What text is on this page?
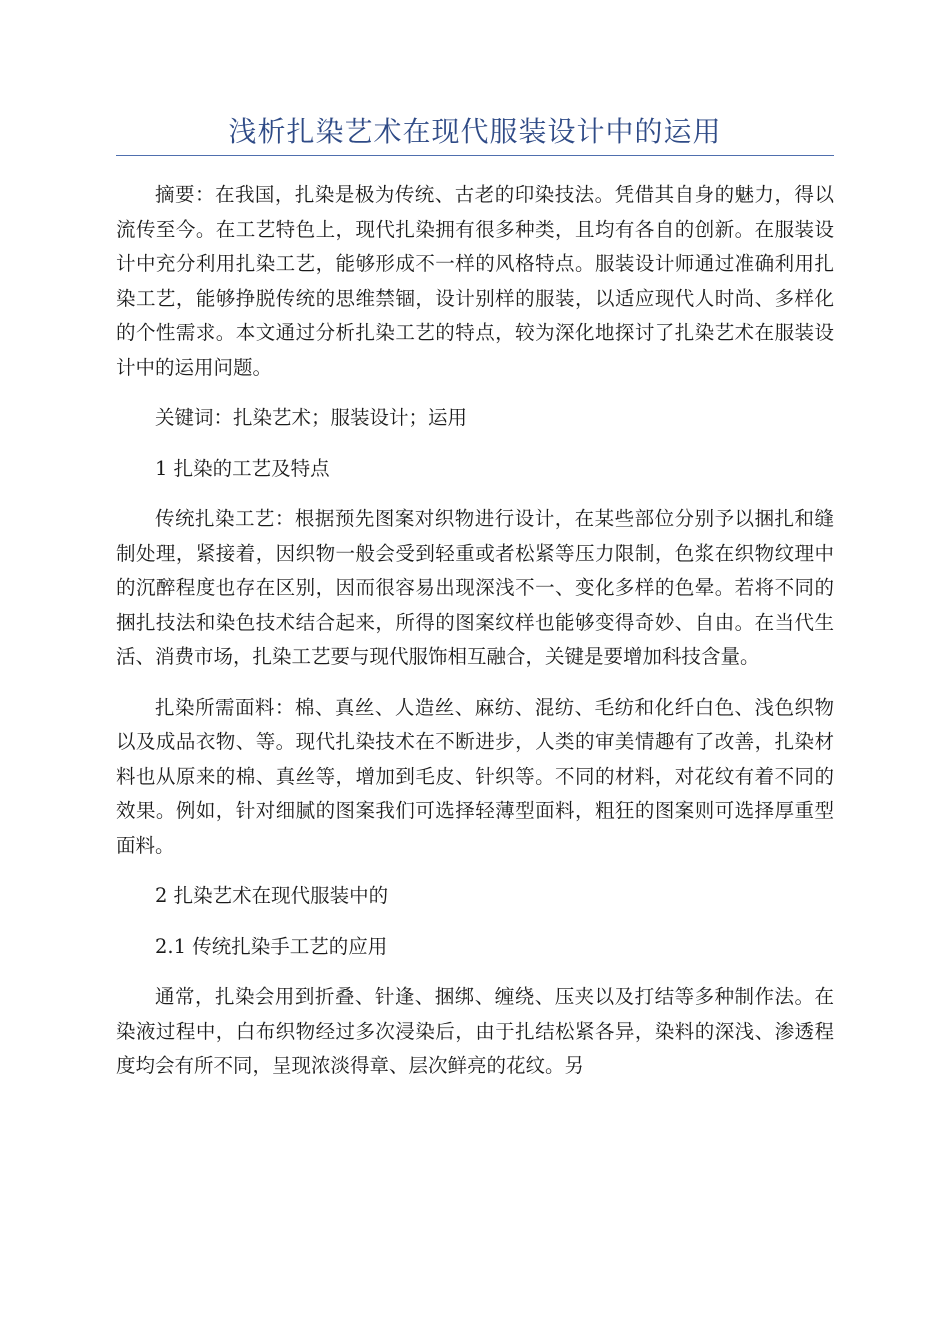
浅析扎染艺术在现代服装设计中的运用

摘要：在我国，扎染是极为传统、古老的印染技法。凭借其自身的魅力，得以流传至今。在工艺特色上，现代扎染拥有很多种类，且均有各自的创新。在服装设计中充分利用扎染工艺，能够形成不一样的风格特点。服装设计师通过准确利用扎染工艺，能够挣脱传统的思维禁锢，设计别样的服装，以适应现代人时尚、多样化的个性需求。本文通过分析扎染工艺的特点，较为深化地探讨了扎染艺术在服装设计中的运用问题。

关键词：扎染艺术；服装设计；运用

1 扎染的工艺及特点

传统扎染工艺：根据预先图案对织物进行设计，在某些部位分别予以捆扎和缝制处理，紧接着，因织物一般会受到轻重或者松紧等压力限制，色浆在织物纹理中的沉醉程度也存在区别，因而很容易出现深浅不一、变化多样的色晕。若将不同的捆扎技法和染色技术结合起来，所得的图案纹样也能够变得奇妙、自由。在当代生活、消费市场，扎染工艺要与现代服饰相互融合，关键是要增加科技含量。

扎染所需面料：棉、真丝、人造丝、麻纺、混纺、毛纺和化纤白色、浅色织物以及成品衣物、等。现代扎染技术在不断进步，人类的审美情趣有了改善，扎染材料也从原来的棉、真丝等，增加到毛皮、针织等。不同的材料，对花纹有着不同的效果。例如，针对细腻的图案我们可选择轻薄型面料，粗狂的图案则可选择厚重型面料。

2 扎染艺术在现代服装中的

2.1 传统扎染手工艺的应用

通常，扎染会用到折叠、针逢、捆绑、缠绕、压夹以及打结等多种制作法。在染液过程中，白布织物经过多次浸染后，由于扎结松紧各异，染料的深浅、渗透程度均会有所不同，呈现浓淡得章、层次鲜亮的花纹。另
